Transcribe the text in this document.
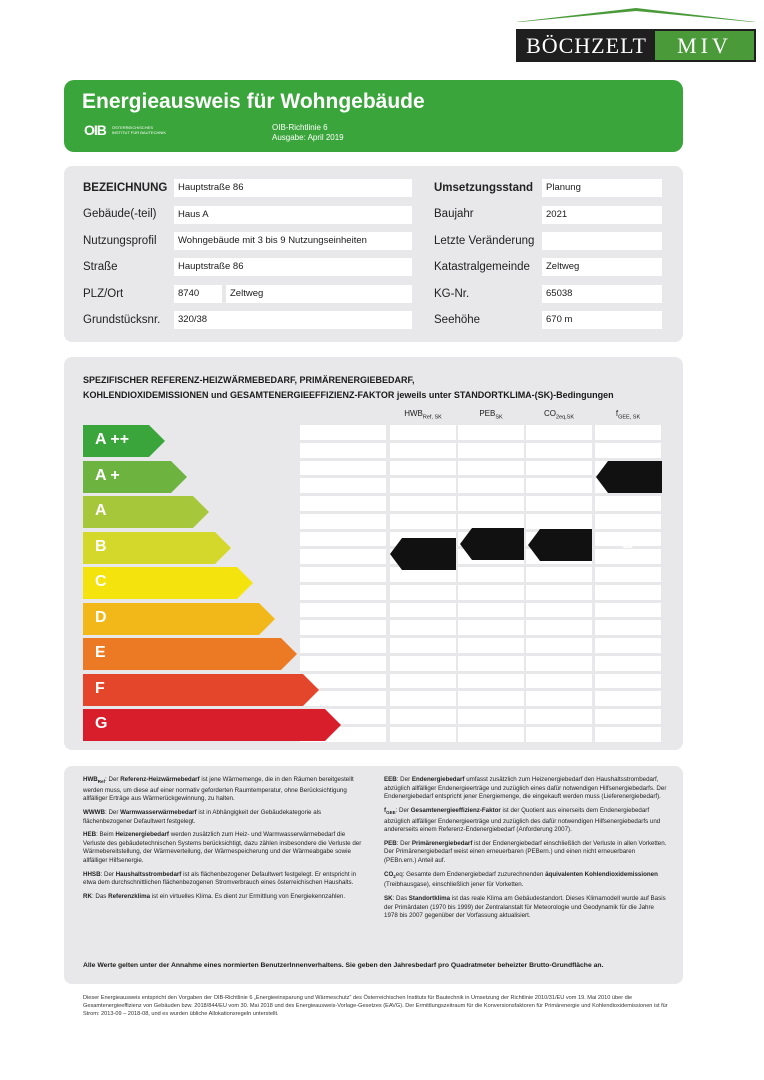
BÖCHZELT	MIV
Energieausweis für Wohngebäude
OIB ÖSTERREICHISCHES INSTITUT FÜR BAUTECHNIK
OIB-Richtlinie 6
Ausgabe: April 2019
BEZEICHNUNG	Hauptstraße 86
Gebäude(-teil)	Haus A
Nutzungsprofil	Wohngebäude mit 3 bis 9 Nutzungseinheiten
Straße	Hauptstraße 86
PLZ/Ort	8740	Zeltweg
Grundstücksnr.	320/38
Umsetzungsstand	Planung
Baujahr	2021
Letzte Veränderung
Katastralgemeinde	Zeltweg
KG-Nr.	65038
Seehöhe	670 m
SPEZIFISCHER REFERENZ-HEIZWÄRMEBEDARF, PRIMÄRENERGIEBEDARF,
KOHLENDIOXIDEMISSIONEN und GESAMTENERGIEEFFIZIENZ-FAKTOR jeweils unter STANDORTKLIMA-(SK)-Bedingungen
$HWB_{Ref, SK}$	$PEB_{SK}$	$CO_{2eq,SK}$	$f_{GEE, SK}$
A ++
A +
A
B
C
D
E
F
G
B
A+

$HWB_{Ref}$: Der Referenz-Heizwärmebedarf ist jene Wärmemenge, die in den Räumen bereitgestellt werden muss, um diese auf einer normativ geforderten Raumtemperatur, ohne Berücksichtigung allfälliger Erträge aus Wärmerückgewinnung, zu halten.

WWWB: Der Warmwasserwärmebedarf ist in Abhängigkeit der Gebäudekategorie als flächenbezogener Defaultwert festgelegt.

HEB: Beim Heizenergiebedarf werden zusätzlich zum Heiz- und Warmwasserwärmebedarf die Verluste des gebäudetechnischen Systems berücksichtigt, dazu zählen insbesondere die Verluste der Wärmebereitstellung, der Wärmeverteilung, der Wärmespeicherung und der Wärmeabgabe sowie allfälliger Hilfsenergie.

HHSB: Der Haushaltsstrombedarf ist als flächenbezogener Defaultwert festgelegt. Er entspricht in etwa dem durchschnittlichen flächenbezogenen Stromverbrauch eines österreichischen Haushalts.

RK: Das Referenzklima ist ein virtuelles Klima. Es dient zur Ermittlung von Energiekennzahlen.

EEB: Der Endenergiebedarf umfasst zusätzlich zum Heizenergiebedarf den Haushaltsstrombedarf, abzüglich allfälliger Endenergieerträge und zuzüglich eines dafür notwendigen Hilfsenergiebedarfs. Der Endenergiebedarf entspricht jener Energiemenge, die eingekauft werden muss (Lieferenergiebedarf).

$f_{GEE}$: Der Gesamtenergieeffizienz-Faktor ist der Quotient aus einerseits dem Endenergiebedarf abzüglich allfälliger Endenergieerträge und zuzüglich des dafür notwendigen Hilfsenergiebedarfs und andererseits einem Referenz-Endenergiebedarf (Anforderung 2007).

PEB: Der Primärenergiebedarf ist der Endenergiebedarf einschließlich der Verluste in allen Vorketten. Der Primärenergiebedarf weist einen erneuerbaren (PEBern.) und einen nicht erneuerbaren (PEBn.ern.) Anteil auf.

$CO_2eq$: Gesamte dem Endenergiebedarf zuzurechnenden äquivalenten Kohlendioxidemissionen (Treibhausgase), einschließlich jener für Vorketten.

SK: Das Standortklima ist das reale Klima am Gebäudestandort. Dieses Klimamodell wurde auf Basis der Primärdaten (1970 bis 1999) der Zentralanstalt für Meteorologie und Geodynamik für die Jahre 1978 bis 2007 gegenüber der Vorfassung aktualisiert.

Alle Werte gelten unter der Annahme eines normierten BenutzerInnenverhaltens. Sie geben den Jahresbedarf pro Quadratmeter beheizter Brutto-Grundfläche an.
Dieser Energieausweis entspricht den Vorgaben der OIB-Richtlinie 6 „Energieeinsparung und Wärmeschutz“ des Österreichischen Instituts für Bautechnik in Umsetzung der Richtlinie 2010/31/EU vom 19. Mai 2010 über die Gesamtenergieeffizienz von Gebäuden bzw. 2018/844/EU vom 30. Mai 2018 und des Energieausweis-Vorlage-Gesetzes (EAVG). Der Ermittlungszeitraum für die Konversionsfaktoren für Primärenergie und Kohlendioxidemissionen ist für Strom: 2013-09 – 2018-08, und es wurden übliche Allokationsregeln unterstellt.
